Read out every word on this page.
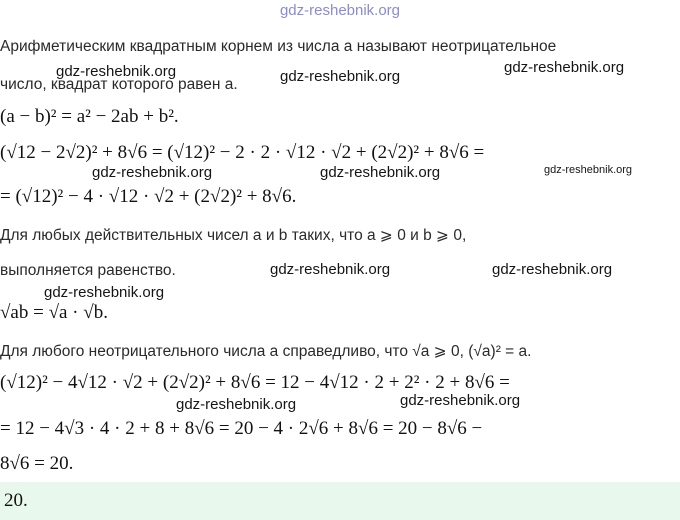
gdz-reshebnik.org
Арифметическим квадратным корнем из числа a называют неотрицательное
число, квадрат которого равен a.
(a − b)² = a² − 2ab + b².
(√12 − 2√2)² + 8√6 = (√12)² − 2 · 2 · √12 · √2 + (2√2)² + 8√6 =
= (√12)² − 4 · √12 · √2 + (2√2)² + 8√6.
Для любых действительных чисел a и b таких, что a ⩾ 0 и b ⩾ 0,
выполняется равенство.
√ab = √a · √b.
Для любого неотрицательного числа a справедливо, что √a ⩾ 0, (√a)² = a.
(√12)² − 4√12 · √2 + (2√2)² + 8√6 = 12 − 4√12 · 2 + 2² · 2 + 8√6 =
= 12 − 4√3 · 4 · 2 + 8 + 8√6 = 20 − 4 · 2√6 + 8√6 = 20 − 8√6 −
8√6 = 20.
20.
gdz-reshebnik.org	gdz-reshebnik.org
gdz-reshebnik.org
gdz-reshebnik.org	gdz-reshebnik.org	gdz-reshebnik.org
gdz-reshebnik.org	gdz-reshebnik.org
gdz-reshebnik.org
gdz-reshebnik.org	gdz-reshebnik.org
